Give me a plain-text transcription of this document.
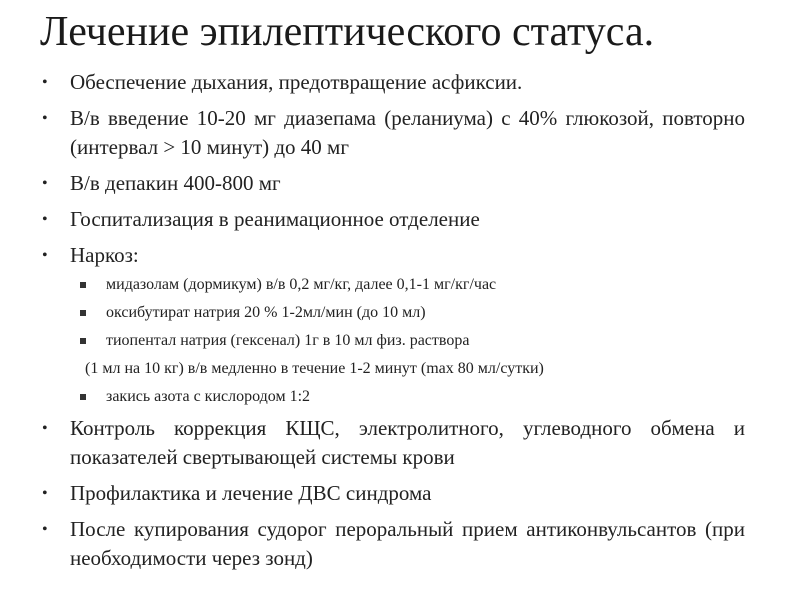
Лечение эпилептического статуса.
• Обеспечение дыхания, предотвращение асфиксии.
• В/в введение 10-20 мг диазепама (реланиума) с 40% глюкозой, повторно (интервал > 10 минут) до 40 мг
• В/в депакин 400-800 мг
• Госпитализация в реанимационное отделение
• Наркоз:
мидазолам (дормикум) в/в 0,2 мг/кг, далее 0,1-1 мг/кг/час
оксибутират натрия 20 % 1-2мл/мин (до 10 мл)
тиопентал натрия (гексенал) 1г в 10 мл физ. раствора
(1 мл на 10 кг) в/в медленно в течение 1-2 минут (max 80 мл/сутки)
закись азота с кислородом 1:2
• Контроль коррекция КЩС, электролитного, углеводного обмена и показателей свертывающей системы крови
• Профилактика и лечение ДВС синдрома
• После купирования судорог пероральный прием антиконвульсантов (при необходимости через зонд)
